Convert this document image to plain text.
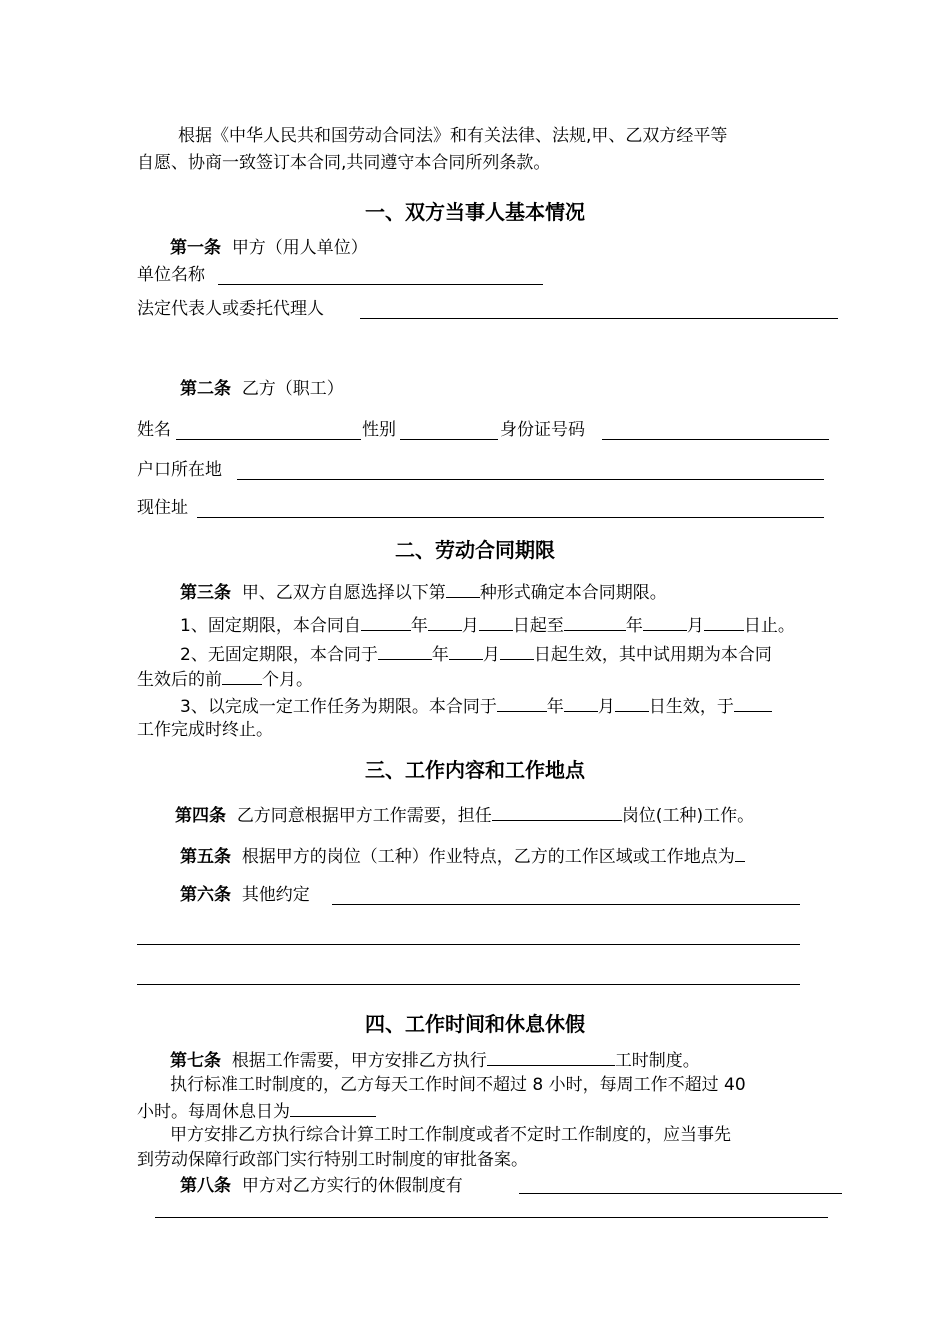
根据《中华人民共和国劳动合同法》和有关法律、法规,甲、乙双方经平等
自愿、协商一致签订本合同,共同遵守本合同所列条款。
一、双方当事人基本情况
第一条 甲方（用人单位）
单位名称
法定代表人或委托代理人
第二条 乙方（职工）
姓名	性别	身份证号码
户口所在地
现住址
二、劳动合同期限
第三条 甲、乙双方自愿选择以下第 种形式确定本合同期限。
1、固定期限，本合同自	年 月 日起至	年	月 日止。
2、无固定期限，本合同于	年 月 日起生效，其中试用期为本合同
生效后的前 个月。
3、以完成一定工作任务为期限。本合同于	年 月 日生效，于
工作完成时终止。
三、工作内容和工作地点
第四条 乙方同意根据甲方工作需要，担任	岗位(工种)工作。
第五条 根据甲方的岗位（工种）作业特点，乙方的工作区域或工作地点为
第六条 其他约定
四、工作时间和休息休假
第七条 根据工作需要，甲方安排乙方执行	工时制度。
执行标准工时制度的，乙方每天工作时间不超过 8 小时，每周工作不超过 40
小时。每周休息日为
甲方安排乙方执行综合计算工时工作制度或者不定时工作制度的，应当事先
到劳动保障行政部门实行特别工时制度的审批备案。
第八条 甲方对乙方实行的休假制度有
